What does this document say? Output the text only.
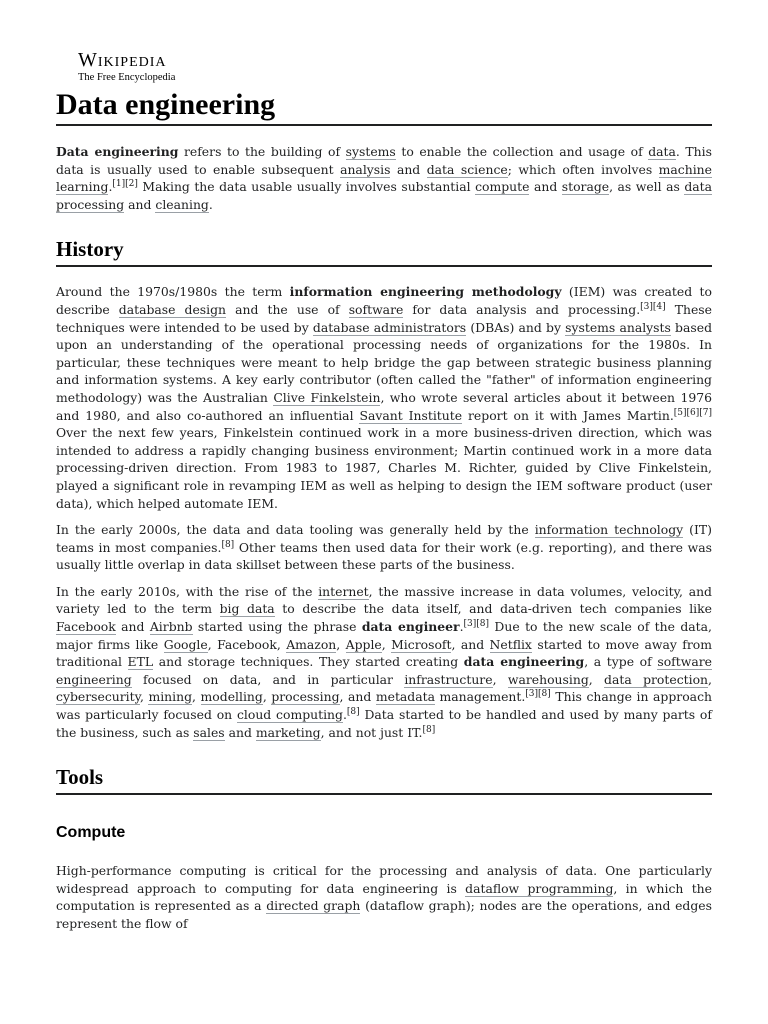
Wikipedia
The Free Encyclopedia
Data engineering

Data engineering refers to the building of systems to enable the collection and usage of data. This data is usually used to enable subsequent analysis and data science; which often involves machine learning.[1][2] Making the data usable usually involves substantial compute and storage, as well as data processing and cleaning.

History

Around the 1970s/1980s the term information engineering methodology (IEM) was created to describe database design and the use of software for data analysis and processing.[3][4] These techniques were intended to be used by database administrators (DBAs) and by systems analysts based upon an understanding of the operational processing needs of organizations for the 1980s. In particular, these techniques were meant to help bridge the gap between strategic business planning and information systems. A key early contributor (often called the "father" of information engineering methodology) was the Australian Clive Finkelstein, who wrote several articles about it between 1976 and 1980, and also co-authored an influential Savant Institute report on it with James Martin.[5][6][7] Over the next few years, Finkelstein continued work in a more business-driven direction, which was intended to address a rapidly changing business environment; Martin continued work in a more data processing-driven direction. From 1983 to 1987, Charles M. Richter, guided by Clive Finkelstein, played a significant role in revamping IEM as well as helping to design the IEM software product (user data), which helped automate IEM.

In the early 2000s, the data and data tooling was generally held by the information technology (IT) teams in most companies.[8] Other teams then used data for their work (e.g. reporting), and there was usually little overlap in data skillset between these parts of the business.

In the early 2010s, with the rise of the internet, the massive increase in data volumes, velocity, and variety led to the term big data to describe the data itself, and data-driven tech companies like Facebook and Airbnb started using the phrase data engineer.[3][8] Due to the new scale of the data, major firms like Google, Facebook, Amazon, Apple, Microsoft, and Netflix started to move away from traditional ETL and storage techniques. They started creating data engineering, a type of software engineering focused on data, and in particular infrastructure, warehousing, data protection, cybersecurity, mining, modelling, processing, and metadata management.[3][8] This change in approach was particularly focused on cloud computing.[8] Data started to be handled and used by many parts of the business, such as sales and marketing, and not just IT.[8]

Tools
Compute

High-performance computing is critical for the processing and analysis of data. One particularly widespread approach to computing for data engineering is dataflow programming, in which the computation is represented as a directed graph (dataflow graph); nodes are the operations, and edges represent the flow of
